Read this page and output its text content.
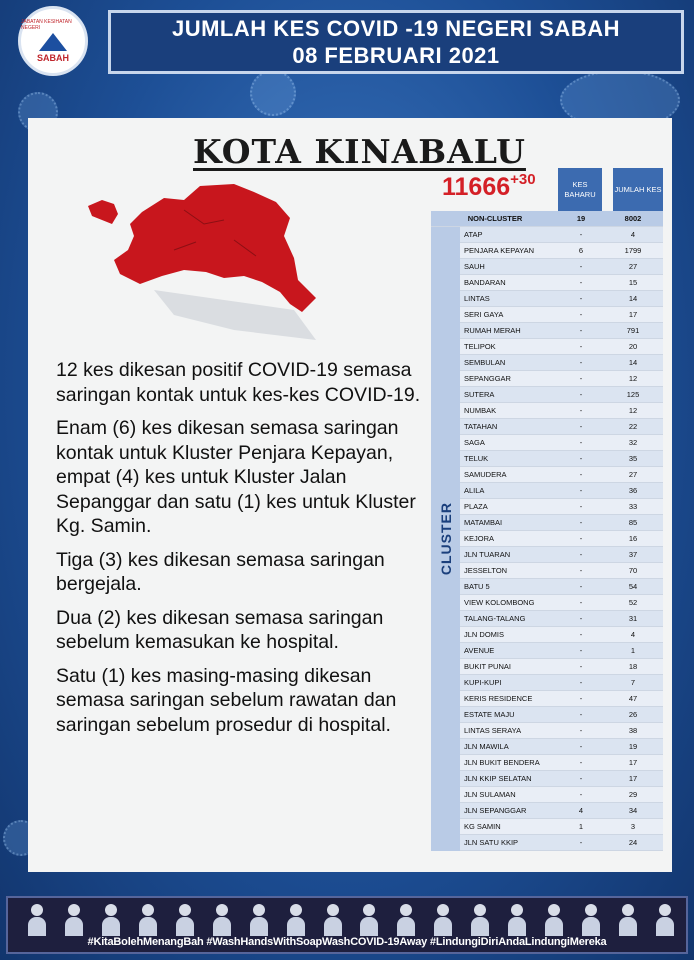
JABATAN KESIHATAN NEGERI
SABAH
JUMLAH KES COVID -19 NEGERI SABAH
08 FEBRUARI 2021
KOTA KINABALU

12 kes dikesan positif COVID-19 semasa saringan kontak untuk kes-kes COVID-19.

Enam (6) kes dikesan semasa saringan kontak untuk Kluster Penjara Kepayan, empat (4) kes untuk Kluster Jalan Sepanggar dan satu (1) kes untuk Kluster Kg. Samin.

Tiga (3) kes dikesan semasa saringan bergejala.

Dua (2) kes dikesan semasa saringan sebelum kemasukan ke hospital.

Satu (1) kes masing-masing dikesan semasa saringan sebelum rawatan dan saringan sebelum prosedur di hospital.

11666 +30	KES BAHARU
JUMLAH KES
NON-CLUSTER	19	8002
CLUSTER
ATAP	-	4
PENJARA KEPAYAN	6	1799
SAUH	-	27
BANDARAN	-	15
LINTAS	-	14
SERI GAYA	-	17
RUMAH MERAH	-	791
TELIPOK	-	20
SEMBULAN	-	14
SEPANGGAR	-	12
SUTERA	-	125
NUMBAK	-	12
TATAHAN	-	22
SAGA	-	32
TELUK	-	35
SAMUDERA	-	27
ALILA	-	36
PLAZA	-	33
MATAMBAI	-	85
KEJORA	-	16
JLN TUARAN	-	37
JESSELTON	-	70
BATU 5	-	54
VIEW KOLOMBONG	-	52
TALANG-TALANG	-	31
JLN DOMIS	-	4
AVENUE	-	1
BUKIT PUNAI	-	18
KUPI-KUPI	-	7
KERIS RESIDENCE	-	47
ESTATE MAJU	-	26
LINTAS SERAYA	-	38
JLN MAWILA	-	19
JLN BUKIT BENDERA	-	17
JLN KKIP SELATAN	-	17
JLN SULAMAN	-	29
JLN SEPANGGAR	4	34
KG SAMIN	1	3
JLN SATU KKIP	-	24
#KitaBolehMenangBah #WashHandsWithSoapWashCOVID-19Away #LindungiDiriAndaLindungiMereka
